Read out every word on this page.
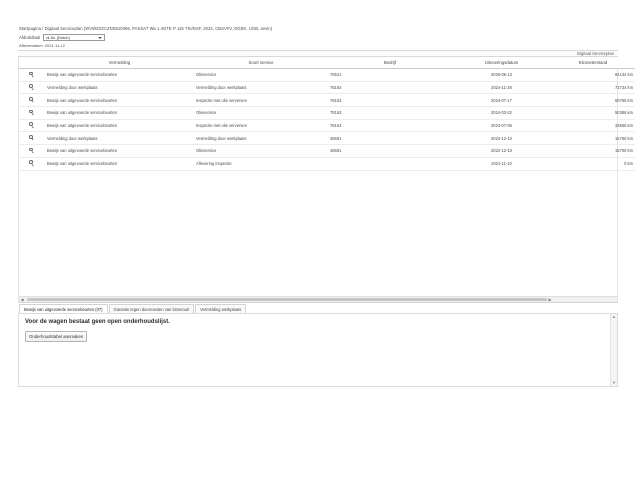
Startpagina / Digitaal Serviceplan (WVWZZZCZNS510396, PASSAT Wa 1.4GTE P 115 TSI/DSF, 2022, CBSVFV, DGEK, UGB, anvin)
Afdrukdtaal nl-NL (Dutch)
Afleverdatum: 2021-11-12
Digitaal Serviceplan
	Vermelding	Soort service	Bedrijf	Uitvoeringsdatum	Kilometerstand

	Bewijs van uitgevoerde servicebeurten	Olieservice	70521	2025-06-13	84134 km

	Vermelding door werkplaats	Vermelding door werkplaats	78163	2024-11-28	72734 km

	Bewijs van uitgevoerde servicebeurten	Inspectie met olie verversen	78163	2024-07-17	60765 km

	Bewijs van uitgevoerde servicebeurten	Olieservice	78163	2024-03-22	50386 km

	Bewijs van uitgevoerde servicebeurten	Inspectie met olie verversen	78163	2023-07-06	33506 km

	Vermelding door werkplaats	Vermelding door werkplaats	48681	2022-12-13	15750 km

	Bewijs van uitgevoerde servicebeurten	Olieservice	48681	2022-12-13	15700 km

	Bewijs van uitgevoerde servicebeurten	Aflevering inspectie		2021-11-10	0 km
◀	▶
Bewijs van uitgevoerde servicebeurten (07)	Garantie tegen doorroesten van binnenuit	Vermelding werkplaats
Voor de wagen bestaat geen open onderhoudslijst.
Onderhoudstabel aanmaken
▲
▼
